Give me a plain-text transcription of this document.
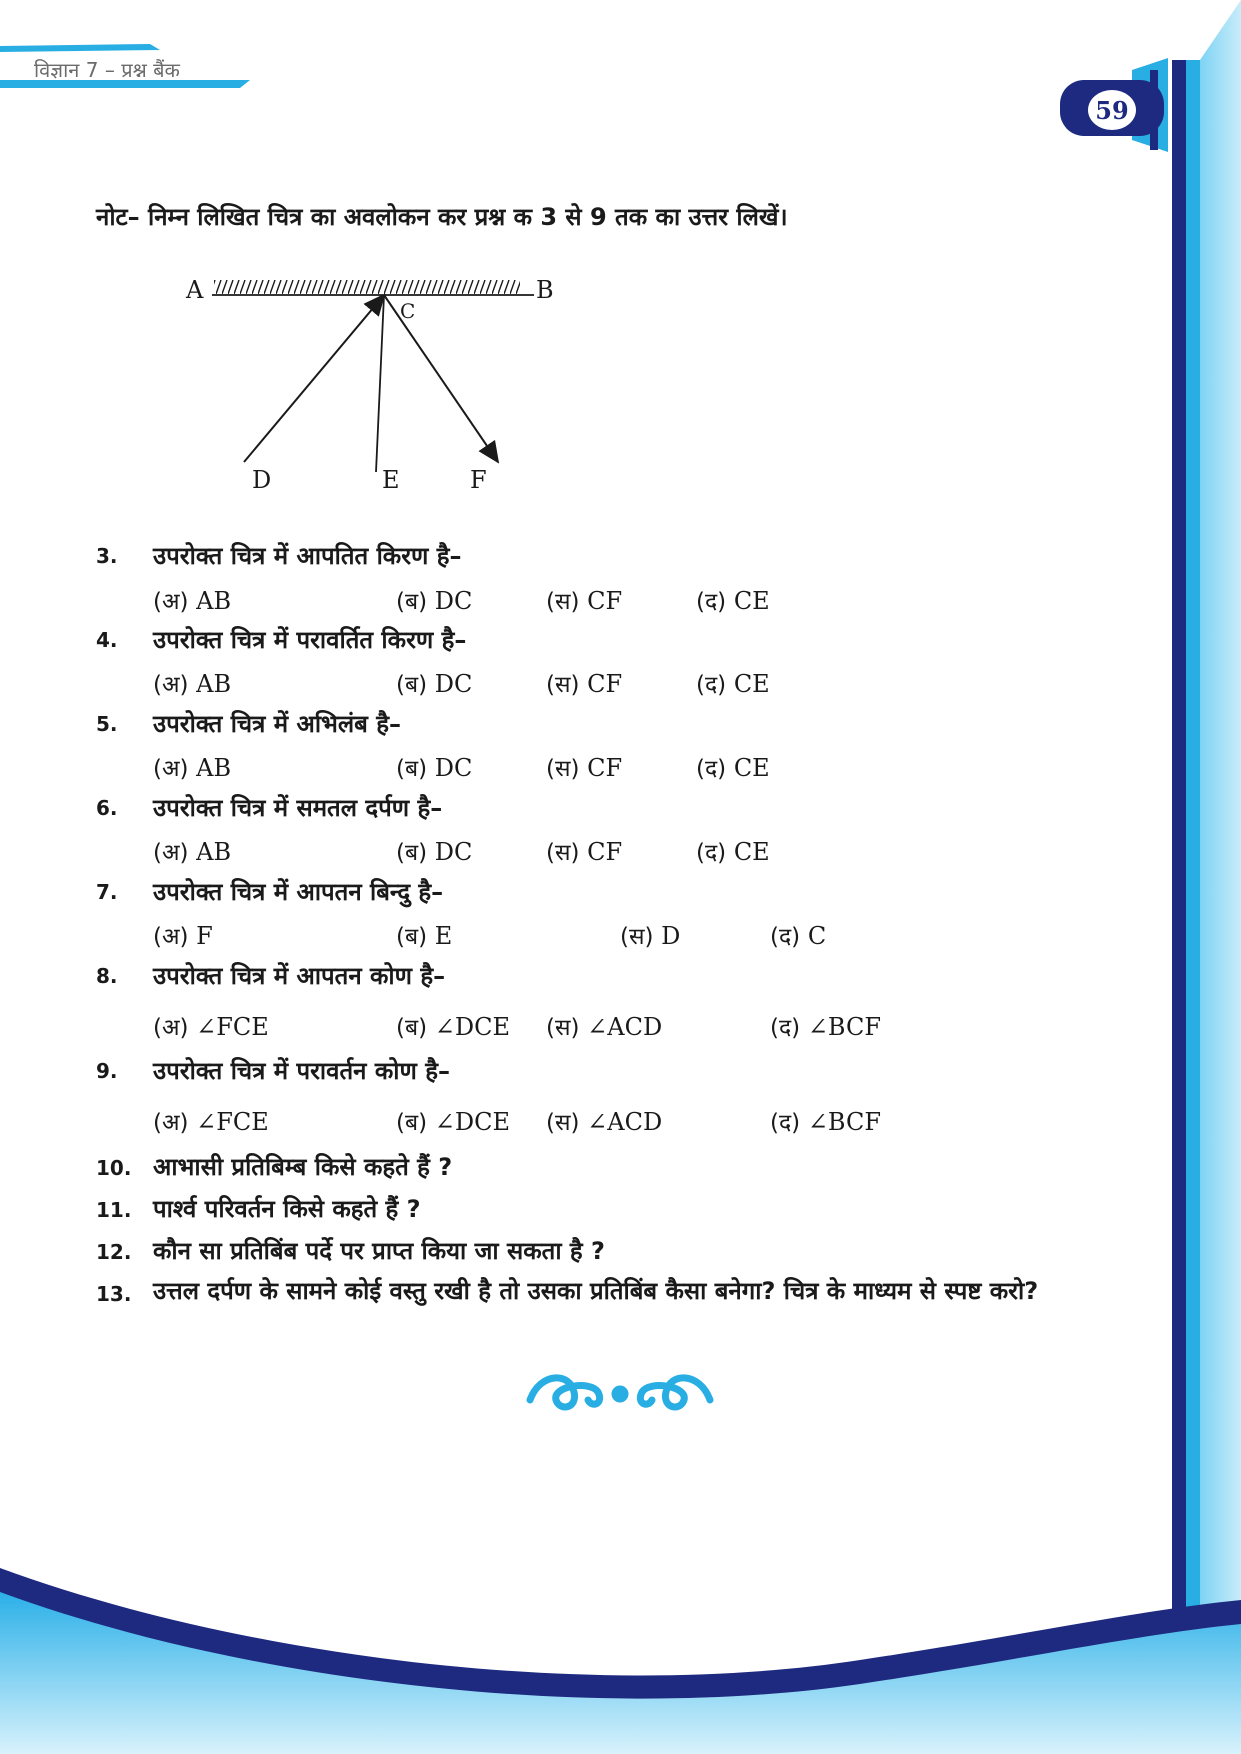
विज्ञान 7 – प्रश्न बैंक
59
नोट– निम्न लिखित चित्र का अवलोकन कर प्रश्न क 3 से 9 तक का उत्तर लिखें।
A	B
C
D	E	F
3.	उपरोक्त चित्र में आपतित किरण है–
(अ) AB	(ब) DC	(स) CF	(द) CE
4.	उपरोक्त चित्र में परावर्तित किरण है–
(अ) AB	(ब) DC	(स) CF	(द) CE
5.	उपरोक्त चित्र में अभिलंब है–
(अ) AB	(ब) DC	(स) CF	(द) CE
6.	उपरोक्त चित्र में समतल दर्पण है–
(अ) AB	(ब) DC	(स) CF	(द) CE
7.	उपरोक्त चित्र में आपतन बिन्दु है–
(अ) F	(ब) E	(स) D	(द) C
8.	उपरोक्त चित्र में आपतन कोण है–
(अ) ∠FCE	(ब) ∠DCE (स) ∠ACD	(द) ∠BCF
9.	उपरोक्त चित्र में परावर्तन कोण है–
(अ) ∠FCE	(ब) ∠DCE (स) ∠ACD	(द) ∠BCF
10. आभासी प्रतिबिम्ब किसे कहते हैं ?
11. पार्श्व परिवर्तन किसे कहते हैं ?
12. कौन सा प्रतिबिंब पर्दे पर प्राप्त किया जा सकता है ?
13. उत्तल दर्पण के सामने कोई वस्तु रखी है तो उसका प्रतिबिंब कैसा बनेगा? चित्र के माध्यम से स्पष्ट करो?
